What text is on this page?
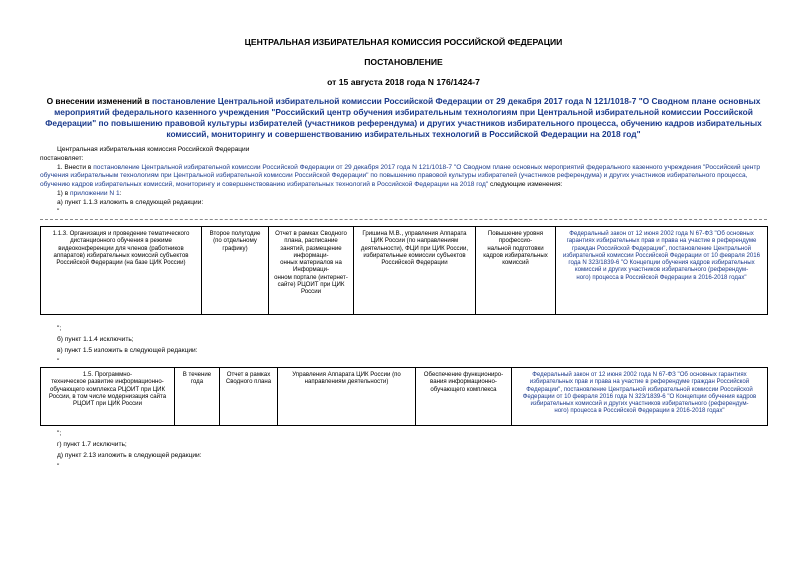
ЦЕНТРАЛЬНАЯ ИЗБИРАТЕЛЬНАЯ КОМИССИЯ РОССИЙСКОЙ ФЕДЕРАЦИИ
ПОСТАНОВЛЕНИЕ
от 15 августа 2018 года N 176/1424-7
О внесении изменений в постановление Центральной избирательной комиссии Российской Федерации от 29 декабря 2017 года N 121/1018-7 "О Сводном плане основных мероприятий федерального казенного учреждения "Российский центр обучения избирательным технологиям при Центральной избирательной комиссии Российской Федерации" по повышению правовой культуры избирателей (участников референдума) и других участников избирательного процесса, обучению кадров избирательных комиссий, мониторингу и совершенствованию избирательных технологий в Российской Федерации на 2018 год"
Центральная избирательная комиссия Российской Федерации
постановляет:
1. Внести в постановление Центральной избирательной комиссии Российской Федерации от 29 декабря 2017 года N 121/1018-7 "О Сводном плане основных мероприятий федерального казенного учреждения "Российский центр обучения избирательным технологиям при Центральной избирательной комиссии Российской Федерации" по повышению правовой культуры избирателей (участников референдума) и других участников избирательного процесса, обучению кадров избирательных комиссий, мониторингу и совершенствованию избирательных технологий в Российской Федерации на 2018 год" следующие изменения:
1) в приложении N 1:
а) пункт 1.1.3 изложить в следующей редакции:
"
1.1.3. Организация и проведение тематического дистанционного обучения в режиме видеоконференции для членов (работников аппаратов) избирательных комиссий субъектов Российской Федерации (на базе ЦИК России)	Второе полугодие (по отдельному графику)	Отчет в рамках Сводного плана, расписание занятий, размещение информаци-
онных материалов на Информаци-
онном портале (интернет-
сайте) РЦОИТ при ЦИК России	Гришина М.В., управления Аппарата ЦИК России (по направлениям деятельности), ФЦИ при ЦИК России, избирательные комиссии субъектов Российской Федерации	Повышение уровня профессио-
нальной подготовки кадров избирательных комиссий	Федеральный закон от 12 июня 2002 года N 67-ФЗ "Об основных гарантиях избирательных прав и права на участие в референдуме граждан Российской Федерации", постановление Центральной избирательной комиссии Российской Федерации от 10 февраля 2016 года N 323/1839-6 "О Концепции обучения кадров избирательных комиссий и других участников избирательного (референдум-
ного) процесса в Российской Федерации в 2016-2018 годах"
";
б) пункт 1.1.4 исключить;
в) пункт 1.5 изложить в следующей редакции:
"
1.5. Программно-
техническое развитие информационно-обучающего комплекса РЦОИТ при ЦИК России, в том числе модернизация сайта РЦОИТ при ЦИК России	В течение года	Отчет в рамках Сводного плана	Управления Аппарата ЦИК России (по направлениям деятельности)	Обеспечение функциониро-
вания информационно-обучающего комплекса	Федеральный закон от 12 июня 2002 года N 67-ФЗ "Об основных гарантиях избирательных прав и права на участие в референдуме граждан Российской Федерации", постановление Центральной избирательной комиссии Российской Федерации от 10 февраля 2016 года N 323/1839-6 "О Концепции обучения кадров избирательных комиссий и других участников избирательного (референдум-
ного) процесса в Российской Федерации в 2016-2018 годах"
";
г) пункт 1.7 исключить;
д) пункт 2.13 изложить в следующей редакции:
"
